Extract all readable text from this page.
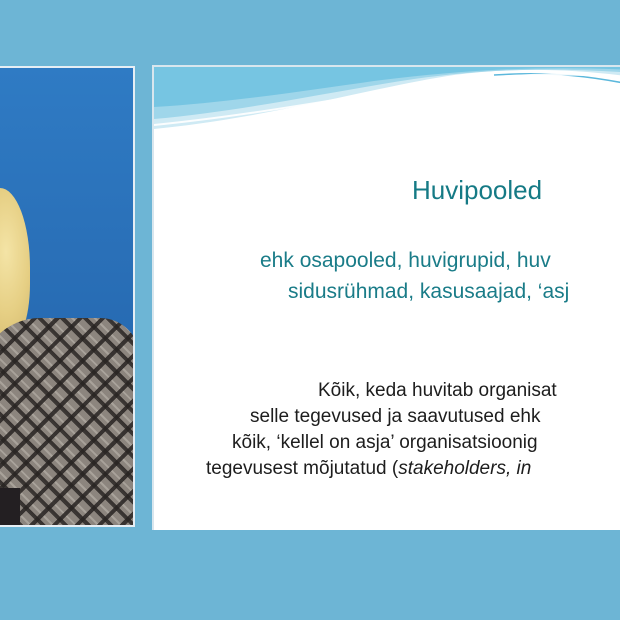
Huvipooled
ehk osapooled, huvigrupid, huv
sidusrühmad, kasusaajad, ‘asj
Kõik, keda huvitab organisat
selle tegevused ja saavutused ehk
kõik, ‘kellel on asja’ organisatsioonig
tegevusest mõjutatud (stakeholders, in
